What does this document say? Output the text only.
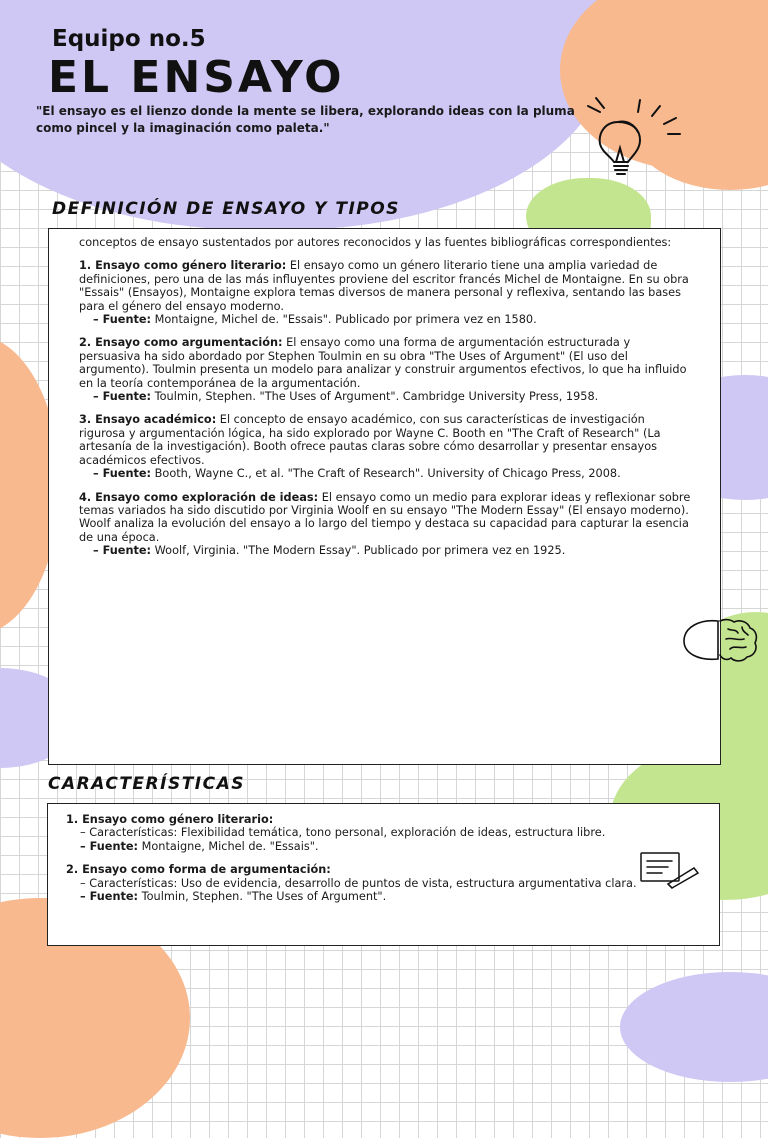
Equipo no.5
EL ENSAYO

"El ensayo es el lienzo donde la mente se libera, explorando ideas con la pluma como pincel y la imaginación como paleta."

DEFINICIÓN DE ENSAYO Y TIPOS

conceptos de ensayo sustentados por autores reconocidos y las fuentes bibliográficas correspondientes:

1. Ensayo como género literario: El ensayo como un género literario tiene una amplia variedad de definiciones, pero una de las más influyentes proviene del escritor francés Michel de Montaigne. En su obra "Essais" (Ensayos), Montaigne explora temas diversos de manera personal y reflexiva, sentando las bases para el género del ensayo moderno.
– Fuente: Montaigne, Michel de. "Essais". Publicado por primera vez en 1580.

2. Ensayo como argumentación: El ensayo como una forma de argumentación estructurada y persuasiva ha sido abordado por Stephen Toulmin en su obra "The Uses of Argument" (El uso del argumento). Toulmin presenta un modelo para analizar y construir argumentos efectivos, lo que ha influido en la teoría contemporánea de la argumentación.
– Fuente: Toulmin, Stephen. "The Uses of Argument". Cambridge University Press, 1958.

3. Ensayo académico: El concepto de ensayo académico, con sus características de investigación rigurosa y argumentación lógica, ha sido explorado por Wayne C. Booth en "The Craft of Research" (La artesanía de la investigación). Booth ofrece pautas claras sobre cómo desarrollar y presentar ensayos académicos efectivos.
– Fuente: Booth, Wayne C., et al. "The Craft of Research". University of Chicago Press, 2008.

4. Ensayo como exploración de ideas: El ensayo como un medio para explorar ideas y reflexionar sobre temas variados ha sido discutido por Virginia Woolf en su ensayo "The Modern Essay" (El ensayo moderno). Woolf analiza la evolución del ensayo a lo largo del tiempo y destaca su capacidad para capturar la esencia de una época.
– Fuente: Woolf, Virginia. "The Modern Essay". Publicado por primera vez en 1925.

CARACTERÍSTICAS

1. Ensayo como género literario:
– Características: Flexibilidad temática, tono personal, exploración de ideas, estructura libre.
– Fuente: Montaigne, Michel de. "Essais".

2. Ensayo como forma de argumentación:
– Características: Uso de evidencia, desarrollo de puntos de vista, estructura argumentativa clara.
– Fuente: Toulmin, Stephen. "The Uses of Argument".
